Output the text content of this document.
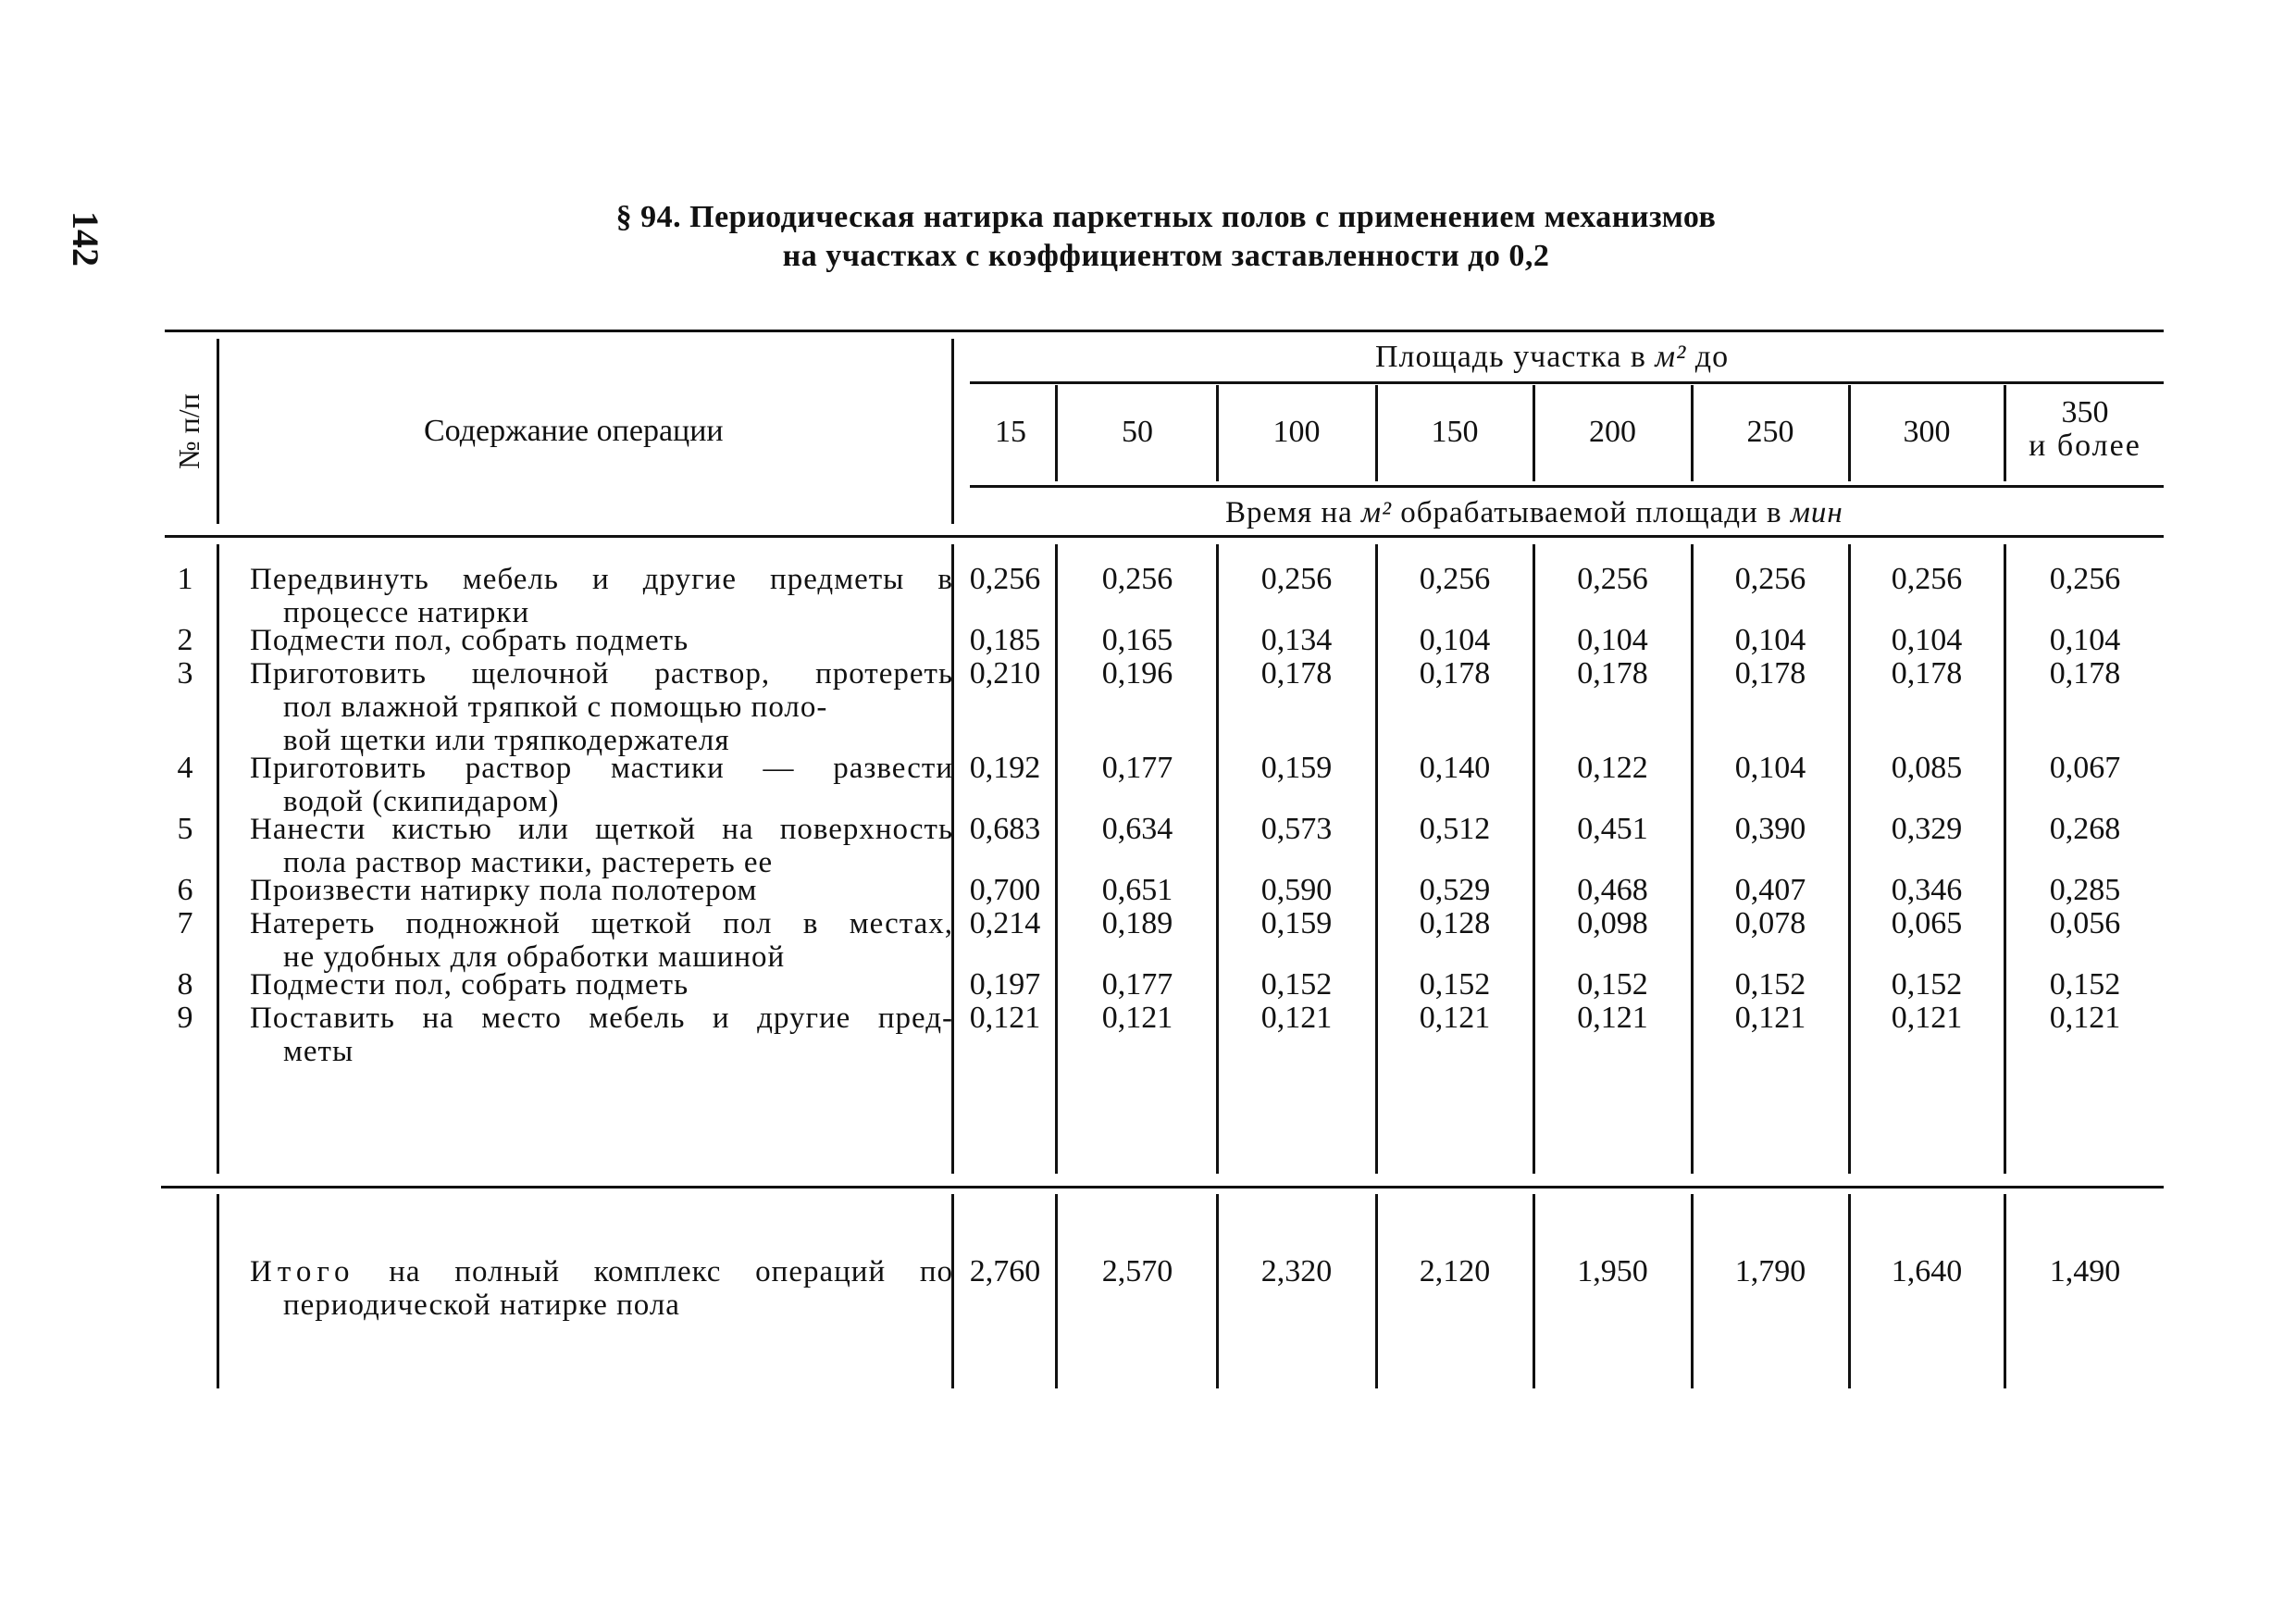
142	§ 94. Периодическая натирка паркетных полов с применением механизмов
на участках с коэффициентом заставленности до 0,2
№ п/п	Содержание операции
Площадь участка в м² до
15	50	100	150	200	250	300
350
и более
Время на м² обрабатываемой площади в мин
1	Передвинуть мебель и другие предметы в
процессе натирки
0,256	0,256	0,256	0,256	0,256	0,256	0,256	0,256
2	Подмести пол, собрать подметь	0,185	0,165	0,134	0,104	0,104	0,104	0,104	0,104
3	Приготовить щелочной раствор, протереть
пол влажной тряпкой с помощью поло-
вой щетки или тряпкодержателя
0,210	0,196	0,178	0,178	0,178	0,178	0,178	0,178
4	Приготовить раствор мастики — развести
водой (скипидаром)
0,192	0,177	0,159	0,140	0,122	0,104	0,085	0,067
5	Нанести кистью или щеткой на поверхность
пола раствор мастики, растереть ее
0,683	0,634	0,573	0,512	0,451	0,390	0,329	0,268
6	Произвести натирку пола полотером	0,700	0,651	0,590	0,529	0,468	0,407	0,346	0,285
7	Натереть подножной щеткой пол в местах,
не удобных для обработки машиной
0,214	0,189	0,159	0,128	0,098	0,078	0,065	0,056
8	Подмести пол, собрать подметь	0,197	0,177	0,152	0,152	0,152	0,152	0,152	0,152
9	Поставить на место мебель и другие пред-
меты
0,121	0,121	0,121	0,121	0,121	0,121	0,121	0,121
Итого на полный комплекс операций по
периодической натирке пола
2,760	2,570	2,320	2,120	1,950	1,790	1,640	1,490
